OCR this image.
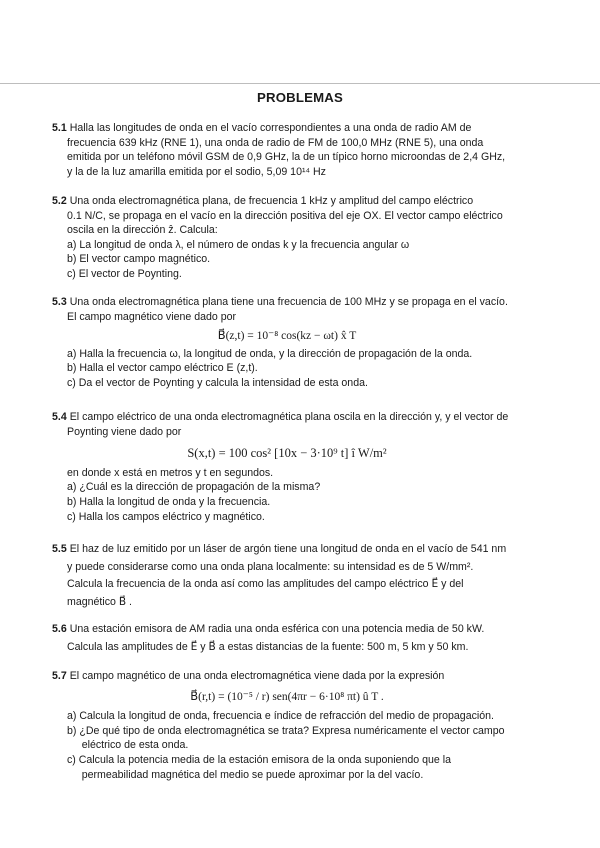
PROBLEMAS
5.1 Halla las longitudes de onda en el vacío correspondientes a una onda de radio AM de
frecuencia 639 kHz (RNE 1), una onda de radio de FM de 100,0 MHz (RNE 5), una onda
emitida por un teléfono móvil GSM de 0,9 GHz, la de un típico horno microondas de 2,4 GHz,
y la de la luz amarilla emitida por el sodio, 5,09 10¹⁴ Hz
5.2 Una onda electromagnética plana, de frecuencia 1 kHz y amplitud del campo eléctrico
0.1 N/C, se propaga en el vacío en la dirección positiva del eje OX. El vector campo eléctrico
oscila en la dirección ẑ. Calcula:
a) La longitud de onda λ, el número de ondas k y la frecuencia angular ω
b) El vector campo magnético.
c) El vector de Poynting.
5.3 Una onda electromagnética plana tiene una frecuencia de 100 MHz y se propaga en el vacío.
El campo magnético viene dado por
B⃗(z,t) = 10⁻⁸ cos(kz − ωt) x̂ T
a) Halla la frecuencia ω, la longitud de onda, y la dirección de propagación de la onda.
b) Halla el vector campo eléctrico E (z,t).
c) Da el vector de Poynting y calcula la intensidad de esta onda.
5.4 El campo eléctrico de una onda electromagnética plana oscila en la dirección y, y el vector de
Poynting viene dado por
S(x,t) = 100 cos² [10x − 3·10⁹ t] î W/m²
en donde x está en metros y t en segundos.
a) ¿Cuál es la dirección de propagación de la misma?
b) Halla la longitud de onda y la frecuencia.
c) Halla los campos eléctrico y magnético.
5.5 El haz de luz emitido por un láser de argón tiene una longitud de onda en el vacío de 541 nm
y puede considerarse como una onda plana localmente: su intensidad es de 5 W/mm².
Calcula la frecuencia de la onda así como las amplitudes del campo eléctrico E⃗ y del
magnético B⃗ .
5.6 Una estación emisora de AM radia una onda esférica con una potencia media de 50 kW.
Calcula las amplitudes de E⃗ y B⃗ a estas distancias de la fuente: 500 m, 5 km y 50 km.
5.7 El campo magnético de una onda electromagnética viene dada por la expresión
B⃗(r,t) = (10⁻⁵ / r) sen(4πr − 6·10⁸ πt) û T .
a) Calcula la longitud de onda, frecuencia e índice de refracción del medio de propagación.
b) ¿De qué tipo de onda electromagnética se trata? Expresa numéricamente el vector campo
eléctrico de esta onda.
c) Calcula la potencia media de la estación emisora de la onda suponiendo que la
permeabilidad magnética del medio se puede aproximar por la del vacío.
